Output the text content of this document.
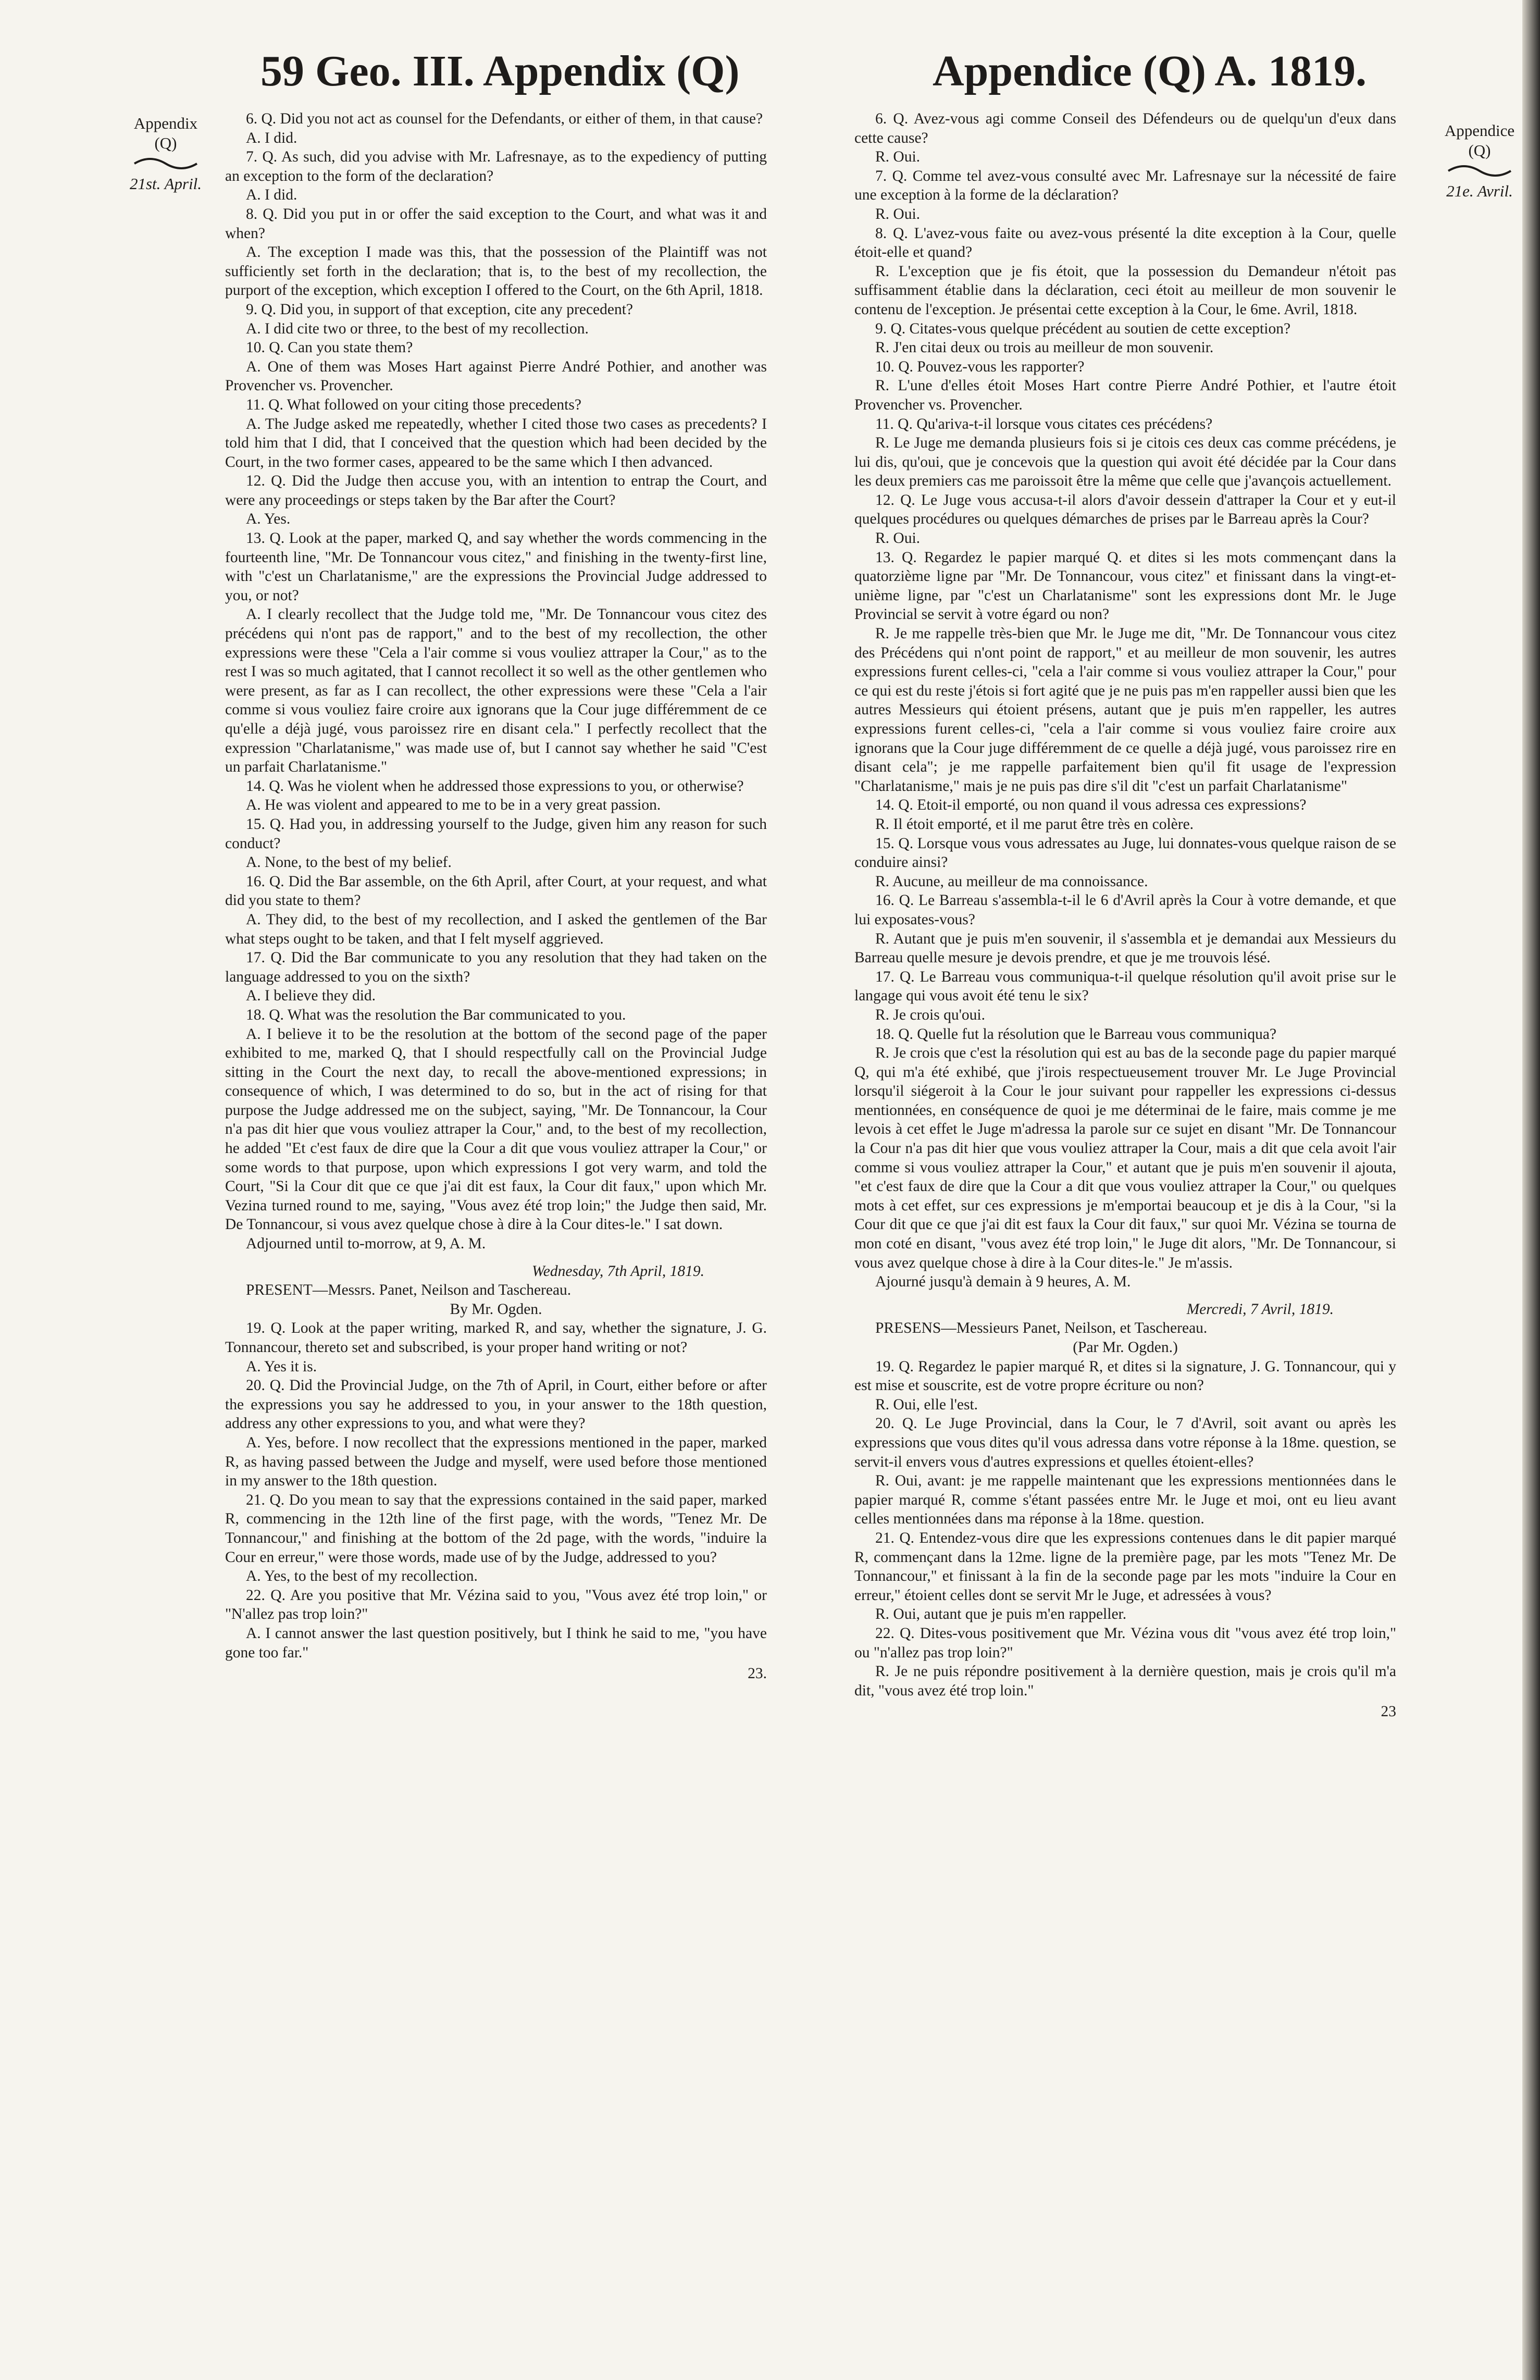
59 Geo. III. Appendix (Q)	Appendice (Q) A. 1819.
Appendix
(Q)
21st. April.
Appendice
(Q)
21e. Avril.

6. Q. Did you not act as counsel for the Defendants, or either of them, in that cause?

A. I did.

7. Q. As such, did you advise with Mr. Lafresnaye, as to the expediency of putting an exception to the form of the declaration?

A. I did.

8. Q. Did you put in or offer the said exception to the Court, and what was it and when?

A. The exception I made was this, that the possession of the Plaintiff was not sufficiently set forth in the declaration; that is, to the best of my recollection, the purport of the exception, which exception I offered to the Court, on the 6th April, 1818.

9. Q. Did you, in support of that exception, cite any precedent?

A. I did cite two or three, to the best of my recollection.

10. Q. Can you state them?

A. One of them was Moses Hart against Pierre André Pothier, and another was Provencher vs. Provencher.

11. Q. What followed on your citing those precedents?

A. The Judge asked me repeatedly, whether I cited those two cases as precedents? I told him that I did, that I conceived that the question which had been decided by the Court, in the two former cases, appeared to be the same which I then advanced.

12. Q. Did the Judge then accuse you, with an intention to entrap the Court, and were any proceedings or steps taken by the Bar after the Court?

A. Yes.

13. Q. Look at the paper, marked Q, and say whether the words commencing in the fourteenth line, "Mr. De Tonnancour vous citez," and finishing in the twenty-first line, with "c'est un Charlatanisme," are the expressions the Provincial Judge addressed to you, or not?

A. I clearly recollect that the Judge told me, "Mr. De Tonnancour vous citez des précédens qui n'ont pas de rapport," and to the best of my recollection, the other expressions were these "Cela a l'air comme si vous vouliez attraper la Cour," as to the rest I was so much agitated, that I cannot recollect it so well as the other gentlemen who were present, as far as I can recollect, the other expressions were these "Cela a l'air comme si vous vouliez faire croire aux ignorans que la Cour juge différemment de ce qu'elle a déjà jugé, vous paroissez rire en disant cela." I perfectly recollect that the expression "Charlatanisme," was made use of, but I cannot say whether he said "C'est un parfait Charlatanisme."

14. Q. Was he violent when he addressed those expressions to you, or otherwise?

A. He was violent and appeared to me to be in a very great passion.

15. Q. Had you, in addressing yourself to the Judge, given him any reason for such conduct?

A. None, to the best of my belief.

16. Q. Did the Bar assemble, on the 6th April, after Court, at your request, and what did you state to them?

A. They did, to the best of my recollection, and I asked the gentlemen of the Bar what steps ought to be taken, and that I felt myself aggrieved.

17. Q. Did the Bar communicate to you any resolution that they had taken on the language addressed to you on the sixth?

A. I believe they did.

18. Q. What was the resolution the Bar communicated to you.

A. I believe it to be the resolution at the bottom of the second page of the paper exhibited to me, marked Q, that I should respectfully call on the Provincial Judge sitting in the Court the next day, to recall the above-mentioned expressions; in consequence of which, I was determined to do so, but in the act of rising for that purpose the Judge addressed me on the subject, saying, "Mr. De Tonnancour, la Cour n'a pas dit hier que vous vouliez attraper la Cour," and, to the best of my recollection, he added "Et c'est faux de dire que la Cour a dit que vous vouliez attraper la Cour," or some words to that purpose, upon which expressions I got very warm, and told the Court, "Si la Cour dit que ce que j'ai dit est faux, la Cour dit faux," upon which Mr. Vezina turned round to me, saying, "Vous avez été trop loin;" the Judge then said, Mr. De Tonnancour, si vous avez quelque chose à dire à la Cour dites-le." I sat down.

Adjourned until to-morrow, at 9, A. M.

Wednesday, 7th April, 1819.

PRESENT—Messrs. Panet, Neilson and Taschereau.

By Mr. Ogden.

19. Q. Look at the paper writing, marked R, and say, whether the signature, J. G. Tonnancour, thereto set and subscribed, is your proper hand writing or not?

A. Yes it is.

20. Q. Did the Provincial Judge, on the 7th of April, in Court, either before or after the expressions you say he addressed to you, in your answer to the 18th question, address any other expressions to you, and what were they?

A. Yes, before. I now recollect that the expressions mentioned in the paper, marked R, as having passed between the Judge and myself, were used before those mentioned in my answer to the 18th question.

21. Q. Do you mean to say that the expressions contained in the said paper, marked R, commencing in the 12th line of the first page, with the words, "Tenez Mr. De Tonnancour," and finishing at the bottom of the 2d page, with the words, "induire la Cour en erreur," were those words, made use of by the Judge, addressed to you?

A. Yes, to the best of my recollection.

22. Q. Are you positive that Mr. Vézina said to you, "Vous avez été trop loin," or "N'allez pas trop loin?"

A. I cannot answer the last question positively, but I think he said to me, "you have gone too far."

23.

6. Q. Avez-vous agi comme Conseil des Défendeurs ou de quelqu'un d'eux dans cette cause?

R. Oui.

7. Q. Comme tel avez-vous consulté avec Mr. Lafresnaye sur la nécessité de faire une exception à la forme de la déclaration?

R. Oui.

8. Q. L'avez-vous faite ou avez-vous présenté la dite exception à la Cour, quelle étoit-elle et quand?

R. L'exception que je fis étoit, que la possession du Demandeur n'étoit pas suffisamment établie dans la déclaration, ceci étoit au meilleur de mon souvenir le contenu de l'exception. Je présentai cette exception à la Cour, le 6me. Avril, 1818.

9. Q. Citates-vous quelque précédent au soutien de cette exception?

R. J'en citai deux ou trois au meilleur de mon souvenir.

10. Q. Pouvez-vous les rapporter?

R. L'une d'elles étoit Moses Hart contre Pierre André Pothier, et l'autre étoit Provencher vs. Provencher.

11. Q. Qu'ariva-t-il lorsque vous citates ces précédens?

R. Le Juge me demanda plusieurs fois si je citois ces deux cas comme précédens, je lui dis, qu'oui, que je concevois que la question qui avoit été décidée par la Cour dans les deux premiers cas me paroissoit être la même que celle que j'avançois actuellement.

12. Q. Le Juge vous accusa-t-il alors d'avoir dessein d'attraper la Cour et y eut-il quelques procédures ou quelques démarches de prises par le Barreau après la Cour?

R. Oui.

13. Q. Regardez le papier marqué Q. et dites si les mots commençant dans la quatorzième ligne par "Mr. De Tonnancour, vous citez" et finissant dans la vingt-et-unième ligne, par "c'est un Charlatanisme" sont les expressions dont Mr. le Juge Provincial se servit à votre égard ou non?

R. Je me rappelle très-bien que Mr. le Juge me dit, "Mr. De Tonnancour vous citez des Précédens qui n'ont point de rapport," et au meilleur de mon souvenir, les autres expressions furent celles-ci, "cela a l'air comme si vous vouliez attraper la Cour," pour ce qui est du reste j'étois si fort agité que je ne puis pas m'en rappeller aussi bien que les autres Messieurs qui étoient présens, autant que je puis m'en rappeller, les autres expressions furent celles-ci, "cela a l'air comme si vous vouliez faire croire aux ignorans que la Cour juge différemment de ce quelle a déjà jugé, vous paroissez rire en disant cela"; je me rappelle parfaitement bien qu'il fit usage de l'expression "Charlatanisme," mais je ne puis pas dire s'il dit "c'est un parfait Charlatanisme"

14. Q. Etoit-il emporté, ou non quand il vous adressa ces expressions?

R. Il étoit emporté, et il me parut être très en colère.

15. Q. Lorsque vous vous adressates au Juge, lui donnates-vous quelque raison de se conduire ainsi?

R. Aucune, au meilleur de ma connoissance.

16. Q. Le Barreau s'assembla-t-il le 6 d'Avril après la Cour à votre demande, et que lui exposates-vous?

R. Autant que je puis m'en souvenir, il s'assembla et je demandai aux Messieurs du Barreau quelle mesure je devois prendre, et que je me trouvois lésé.

17. Q. Le Barreau vous communiqua-t-il quelque résolution qu'il avoit prise sur le langage qui vous avoit été tenu le six?

R. Je crois qu'oui.

18. Q. Quelle fut la résolution que le Barreau vous communiqua?

R. Je crois que c'est la résolution qui est au bas de la seconde page du papier marqué Q, qui m'a été exhibé, que j'irois respectueusement trouver Mr. Le Juge Provincial lorsqu'il siégeroit à la Cour le jour suivant pour rappeller les expressions ci-dessus mentionnées, en conséquence de quoi je me déterminai de le faire, mais comme je me levois à cet effet le Juge m'adressa la parole sur ce sujet en disant "Mr. De Tonnancour la Cour n'a pas dit hier que vous vouliez attraper la Cour, mais a dit que cela avoit l'air comme si vous vouliez attraper la Cour," et autant que je puis m'en souvenir il ajouta, "et c'est faux de dire que la Cour a dit que vous vouliez attraper la Cour," ou quelques mots à cet effet, sur ces expressions je m'emportai beaucoup et je dis à la Cour, "si la Cour dit que ce que j'ai dit est faux la Cour dit faux," sur quoi Mr. Vézina se tourna de mon coté en disant, "vous avez été trop loin," le Juge dit alors, "Mr. De Tonnancour, si vous avez quelque chose à dire à la Cour dites-le." Je m'assis.

Ajourné jusqu'à demain à 9 heures, A. M.

Mercredi, 7 Avril, 1819.

PRESENS—Messieurs Panet, Neilson, et Taschereau.

(Par Mr. Ogden.)

19. Q. Regardez le papier marqué R, et dites si la signature, J. G. Tonnancour, qui y est mise et souscrite, est de votre propre écriture ou non?

R. Oui, elle l'est.

20. Q. Le Juge Provincial, dans la Cour, le 7 d'Avril, soit avant ou après les expressions que vous dites qu'il vous adressa dans votre réponse à la 18me. question, se servit-il envers vous d'autres expressions et quelles étoient-elles?

R. Oui, avant: je me rappelle maintenant que les expressions mentionnées dans le papier marqué R, comme s'étant passées entre Mr. le Juge et moi, ont eu lieu avant celles mentionnées dans ma réponse à la 18me. question.

21. Q. Entendez-vous dire que les expressions contenues dans le dit papier marqué R, commençant dans la 12me. ligne de la première page, par les mots "Tenez Mr. De Tonnancour," et finissant à la fin de la seconde page par les mots "induire la Cour en erreur," étoient celles dont se servit Mr le Juge, et adressées à vous?

R. Oui, autant que je puis m'en rappeller.

22. Q. Dites-vous positivement que Mr. Vézina vous dit "vous avez été trop loin," ou "n'allez pas trop loin?"

R. Je ne puis répondre positivement à la dernière question, mais je crois qu'il m'a dit, "vous avez été trop loin."

23
